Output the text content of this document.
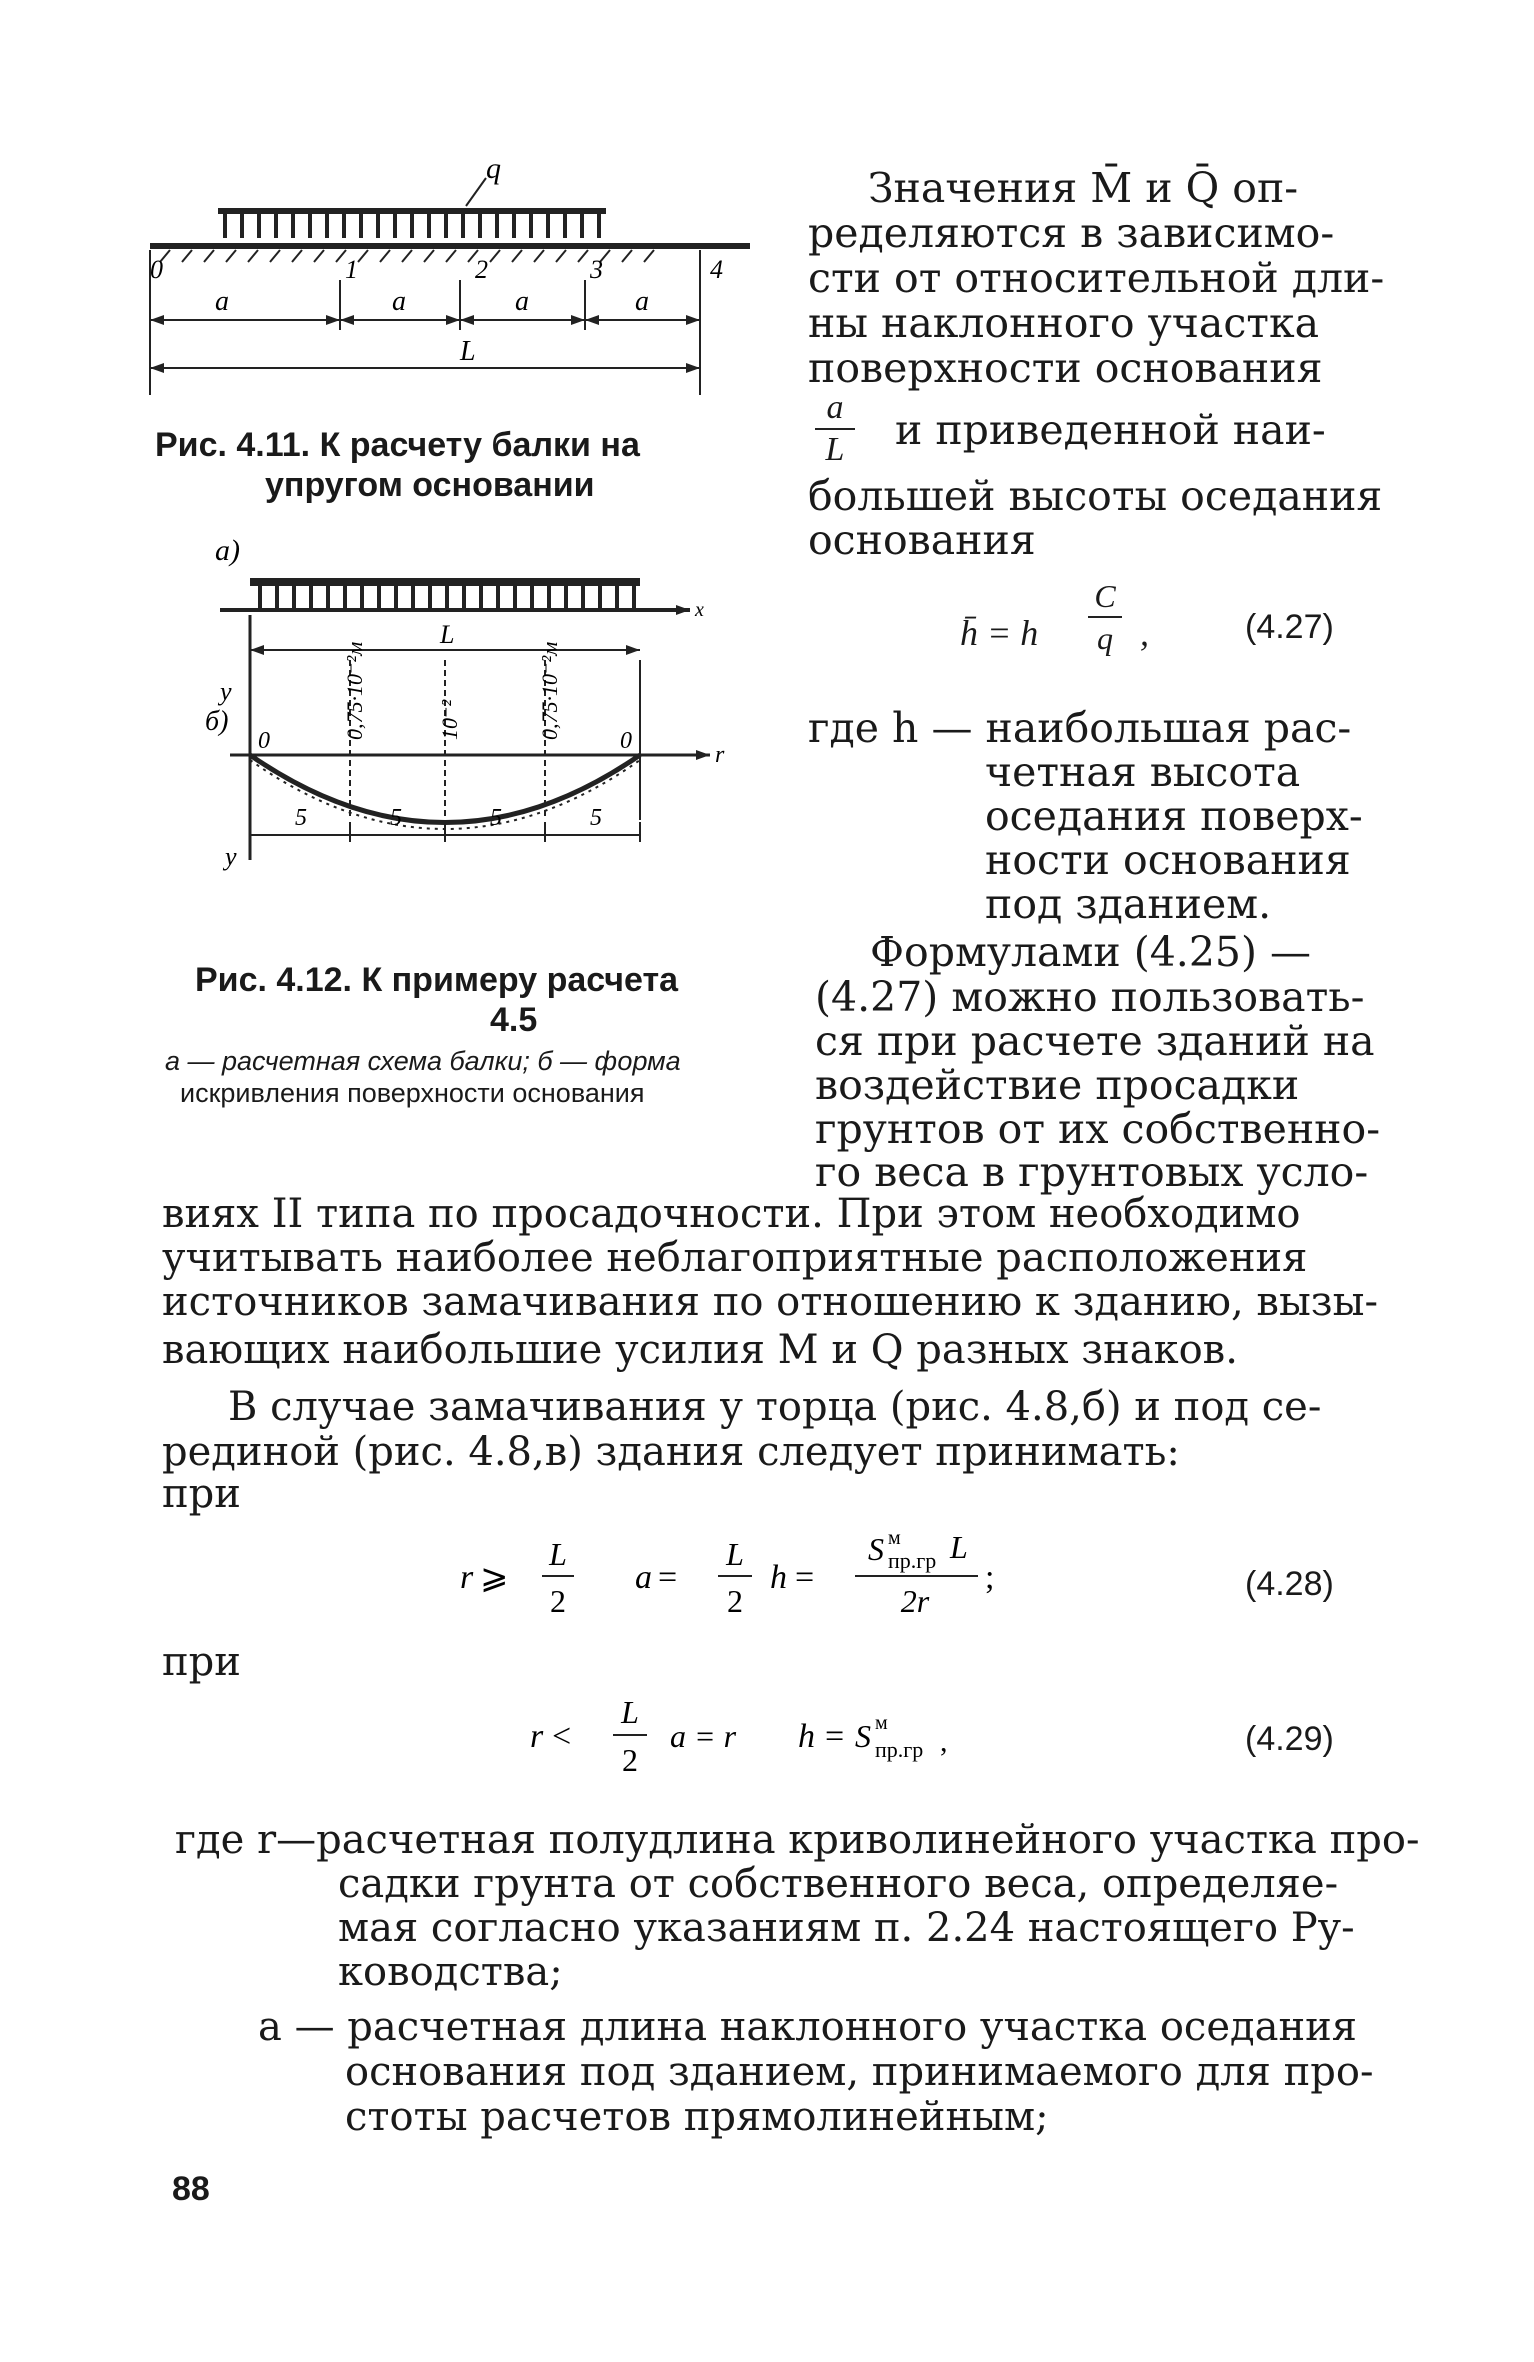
q
0	1	2	3	4
a	a	a	a
L
Рис. 4.11. К расчету балки на
упругом основании
a)
x
L
y
б)
y
0,75·10⁻²м	10⁻²	0,75·10⁻²м
r
0	0
5	5	5	5
Рис. 4.12. К примеру расчета
4.5
а — расчетная схема балки; б — форма
искривления поверхности основания
Значения M̄ и Q̄ оп-
ределяются в зависимо-
сти от относительной дли-
ны наклонного участка
поверхности основания
a
L и приведенной наи-
большей высоты оседания
основания
h̄ = h
C
q ,	(4.27)
где h — наибольшая рас-
четная высота
оседания поверх-
ности основания
под зданием.
Формулами (4.25) —
(4.27) можно пользовать-
ся при расчете зданий на
воздействие просадки
грунтов от их собственно-
го веса в грунтовых усло-
виях II типа по просадочности. При этом необходимо
учитывать наиболее неблагоприятные расположения
источников замачивания по отношению к зданию, вызы-
вающих наибольшие усилия М и Q разных знаков.
В случае замачивания у торца (рис. 4.8,б) и под се-
рединой (рис. 4.8,в) здания следует принимать:
при
r ⩾
L
2
a =
L
2
h =
S м
пр.гр L
2r
;	(4.28)
при
r <
L
2
a = r h = S м
пр.гр ,	(4.29)
где r—расчетная полудлина криволинейного участка про-
садки грунта от собственного веса, определяе-
мая согласно указаниям п. 2.24 настоящего Ру-
ководства;
а — расчетная длина наклонного участка оседания
основания под зданием, принимаемого для про-
стоты расчетов прямолинейным;
88
